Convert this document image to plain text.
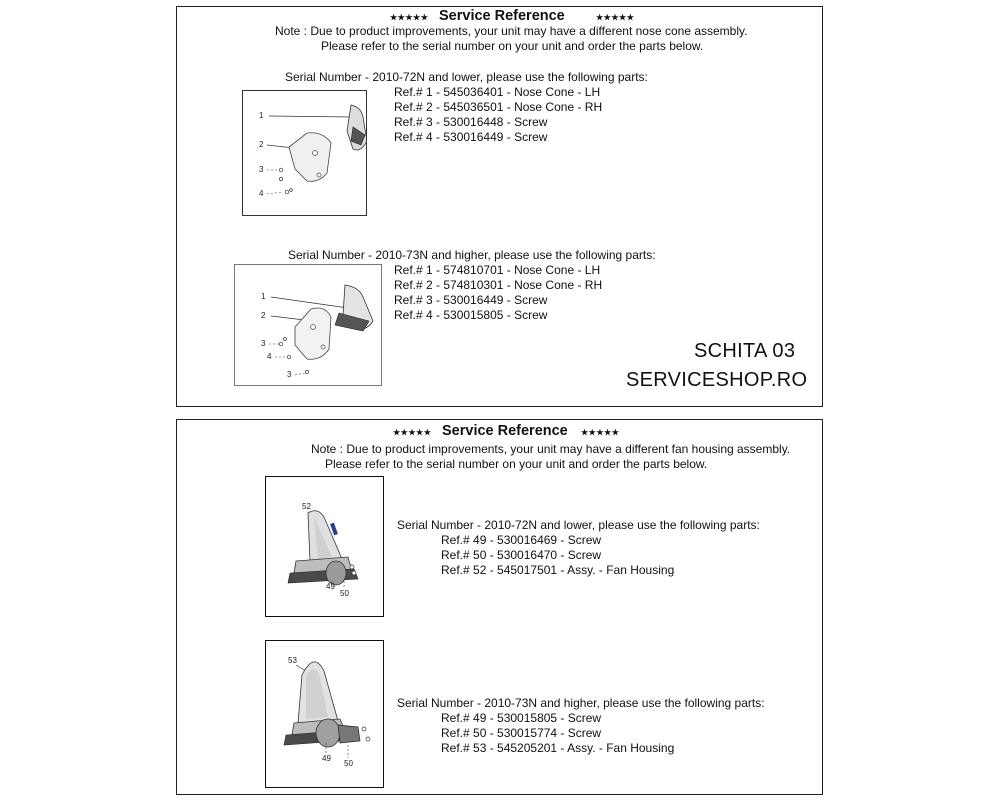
★★★★★ Service Reference	★★★★★
Note : Due to product improvements, your unit may have a different nose cone assembly.
Please refer to the serial number on your unit and order the parts below.
Serial Number - 2010-72N and lower, please use the following parts:
Ref.# 1 - 545036401 - Nose Cone - LH
Ref.# 2 - 545036501 - Nose Cone - RH
Ref.# 3 - 530016448 - Screw
Ref.# 4 - 530016449 - Screw
1
2
3
4
Serial Number - 2010-73N and higher, please use the following parts:
Ref.# 1 - 574810701 - Nose Cone - LH
Ref.# 2 - 574810301 - Nose Cone - RH
Ref.# 3 - 530016449 - Screw
Ref.# 4 - 530015805 - Screw
1
2
3
4
3
SCHITA 03
SERVICESHOP.RO
★★★★★ Service Reference ★★★★★
Note : Due to product improvements, your unit may have a different fan housing assembly.
Please refer to the serial number on your unit and order the parts below.
52
49
50
Serial Number - 2010-72N and lower, please use the following parts:
Ref.# 49 - 530016469 - Screw
Ref.# 50 - 530016470 - Screw
Ref.# 52 - 545017501 - Assy. - Fan Housing
53
49
50
Serial Number - 2010-73N and higher, please use the following parts:
Ref.# 49 - 530015805 - Screw
Ref.# 50 - 530015774 - Screw
Ref.# 53 - 545205201 - Assy. - Fan Housing
